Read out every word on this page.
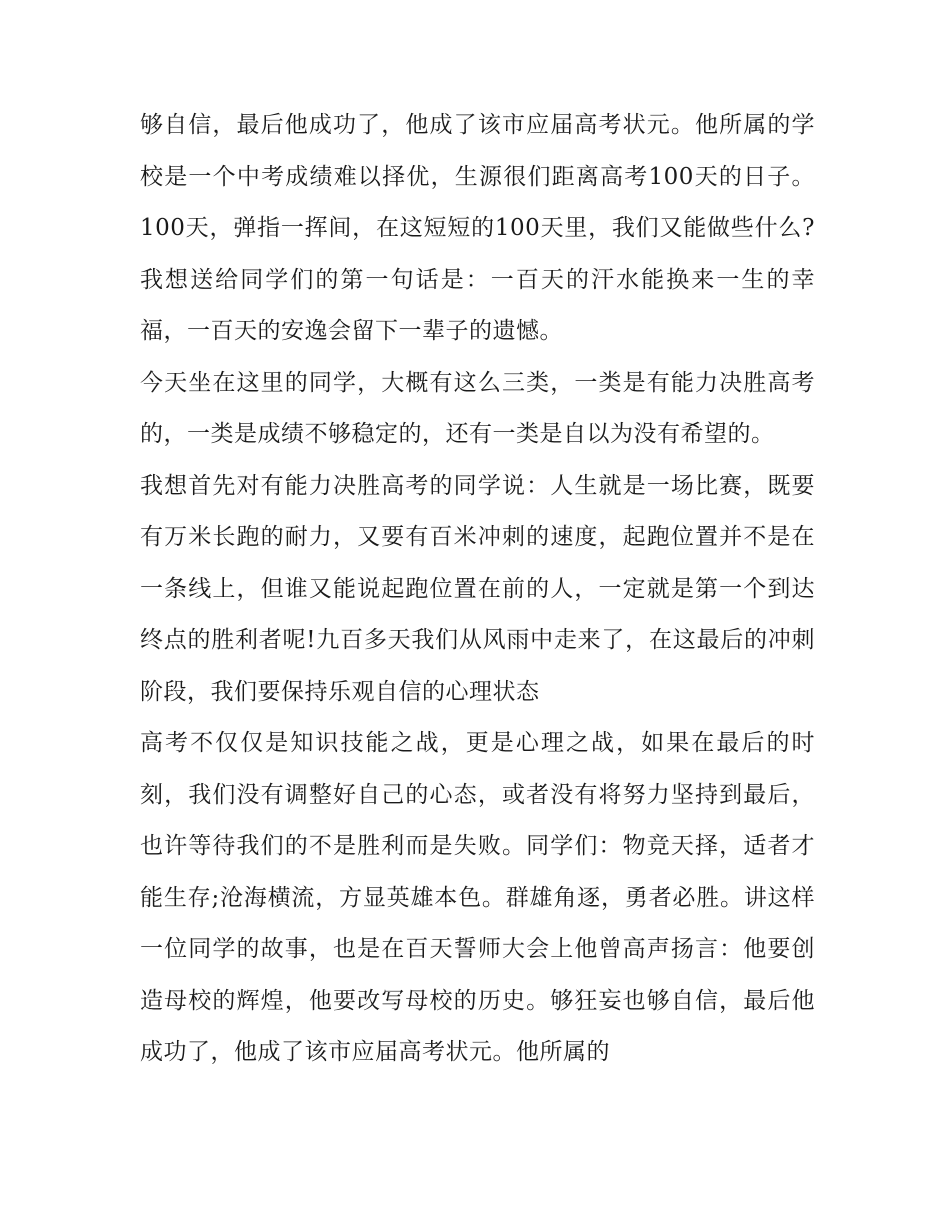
够自信，最后他成功了，他成了该市应届高考状元。他所属的学校是一个中考成绩难以择优，生源很们距离高考100天的日子。100天，弹指一挥间，在这短短的100天里，我们又能做些什么?我想送给同学们的第一句话是：一百天的汗水能换来一生的幸福，一百天的安逸会留下一辈子的遗憾。

今天坐在这里的同学，大概有这么三类，一类是有能力决胜高考的，一类是成绩不够稳定的，还有一类是自以为没有希望的。

我想首先对有能力决胜高考的同学说：人生就是一场比赛，既要有万米长跑的耐力，又要有百米冲刺的速度，起跑位置并不是在一条线上，但谁又能说起跑位置在前的人，一定就是第一个到达终点的胜利者呢!九百多天我们从风雨中走来了，在这最后的冲刺阶段，我们要保持乐观自信的心理状态

高考不仅仅是知识技能之战，更是心理之战，如果在最后的时刻，我们没有调整好自己的心态，或者没有将努力坚持到最后，也许等待我们的不是胜利而是失败。同学们：物竞天择，适者才能生存;沧海横流，方显英雄本色。群雄角逐，勇者必胜。讲这样一位同学的故事，也是在百天誓师大会上他曾高声扬言：他要创造母校的辉煌，他要改写母校的历史。够狂妄也够自信，最后他成功了，他成了该市应届高考状元。他所属的
